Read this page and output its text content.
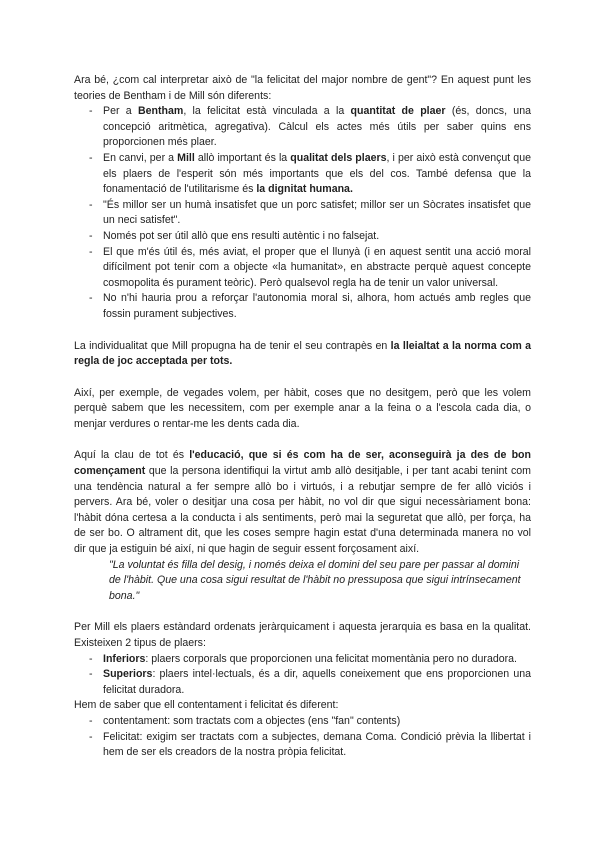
Ara bé, ¿com cal interpretar això de "la felicitat del major nombre de gent"? En aquest punt les teories de Bentham i de Mill són diferents:

- Per a Bentham, la felicitat està vinculada a la quantitat de plaer (és, doncs, una concepció aritmètica, agregativa). Càlcul els actes més útils per saber quins ens proporcionen més plaer.
- En canvi, per a Mill allò important és la qualitat dels plaers, i per això està convençut que els plaers de l'esperit són més importants que els del cos. També defensa que la fonamentació de l'utilitarisme és la dignitat humana.
- "És millor ser un humà insatisfet que un porc satisfet; millor ser un Sòcrates insatisfet que un neci satisfet".
- Només pot ser útil allò que ens resulti autèntic i no falsejat.
- El que m'és útil és, més aviat, el proper que el llunyà (i en aquest sentit una acció moral difícilment pot tenir com a objecte «la humanitat», en abstracte perquè aquest concepte cosmopolita és purament teòric). Però qualsevol regla ha de tenir un valor universal.
- No n'hi hauria prou a reforçar l'autonomia moral si, alhora, hom actués amb regles que fossin purament subjectives.

La individualitat que Mill propugna ha de tenir el seu contrapès en la lleialtat a la norma com a regla de joc acceptada per tots.

Així, per exemple, de vegades volem, per hàbit, coses que no desitgem, però que les volem perquè sabem que les necessitem, com per exemple anar a la feina o a l'escola cada dia, o menjar verdures o rentar-me les dents cada dia.

Aquí la clau de tot és l'educació, que si és com ha de ser, aconseguirà ja des de bon començament que la persona identifiqui la virtut amb allò desitjable, i per tant acabi tenint com una tendència natural a fer sempre allò bo i virtuós, i a rebutjar sempre de fer allò viciós i pervers. Ara bé, voler o desitjar una cosa per hàbit, no vol dir que sigui necessàriament bona: l'hàbit dóna certesa a la conducta i als sentiments, però mai la seguretat que allò, per força, ha de ser bo. O altrament dit, que les coses sempre hagin estat d'una determinada manera no vol dir que ja estiguin bé així, ni que hagin de seguir essent forçosament així.

"La voluntat és filla del desig, i només deixa el domini del seu pare per passar al domini de l'hàbit. Que una cosa sigui resultat de l'hàbit no pressuposa que sigui intrínsecament bona."

Per Mill els plaers estàndard ordenats jeràrquicament i aquesta jerarquia es basa en la qualitat. Existeixen 2 tipus de plaers:

- Inferiors: plaers corporals que proporcionen una felicitat momentània pero no duradora.
- Superiors: plaers intel·lectuals, és a dir, aquells coneixement que ens proporcionen una felicitat duradora.

Hem de saber que ell contentament i felicitat és diferent:

- contentament: som tractats com a objectes (ens "fan" contents)
- Felicitat: exigim ser tractats com a subjectes, demana Coma. Condició prèvia la llibertat i hem de ser els creadors de la nostra pròpia felicitat.
